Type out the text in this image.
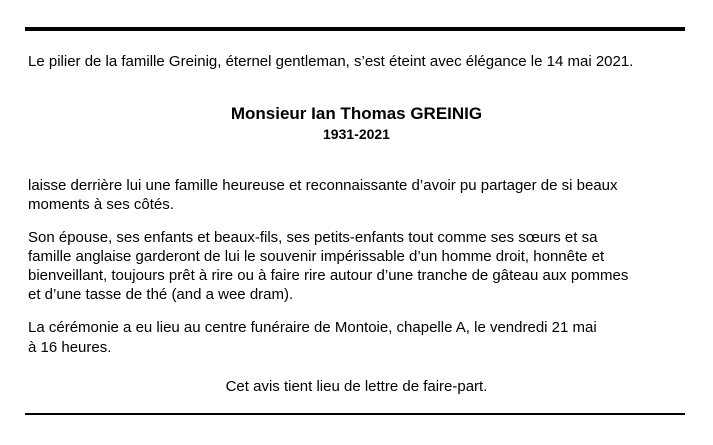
Le pilier de la famille Greinig, éternel gentleman, s’est éteint avec élégance le 14 mai 2021.
Monsieur Ian Thomas GREINIG
1931-2021
laisse derrière lui une famille heureuse et reconnaissante d’avoir pu partager de si beaux
moments à ses côtés.
Son épouse, ses enfants et beaux-fils, ses petits-enfants tout comme ses sœurs et sa
famille anglaise garderont de lui le souvenir impérissable d’un homme droit, honnête et
bienveillant, toujours prêt à rire ou à faire rire autour d’une tranche de gâteau aux pommes
et d’une tasse de thé (and a wee dram).
La cérémonie a eu lieu au centre funéraire de Montoie, chapelle A, le vendredi 21 mai
à 16 heures.
Cet avis tient lieu de lettre de faire-part.
